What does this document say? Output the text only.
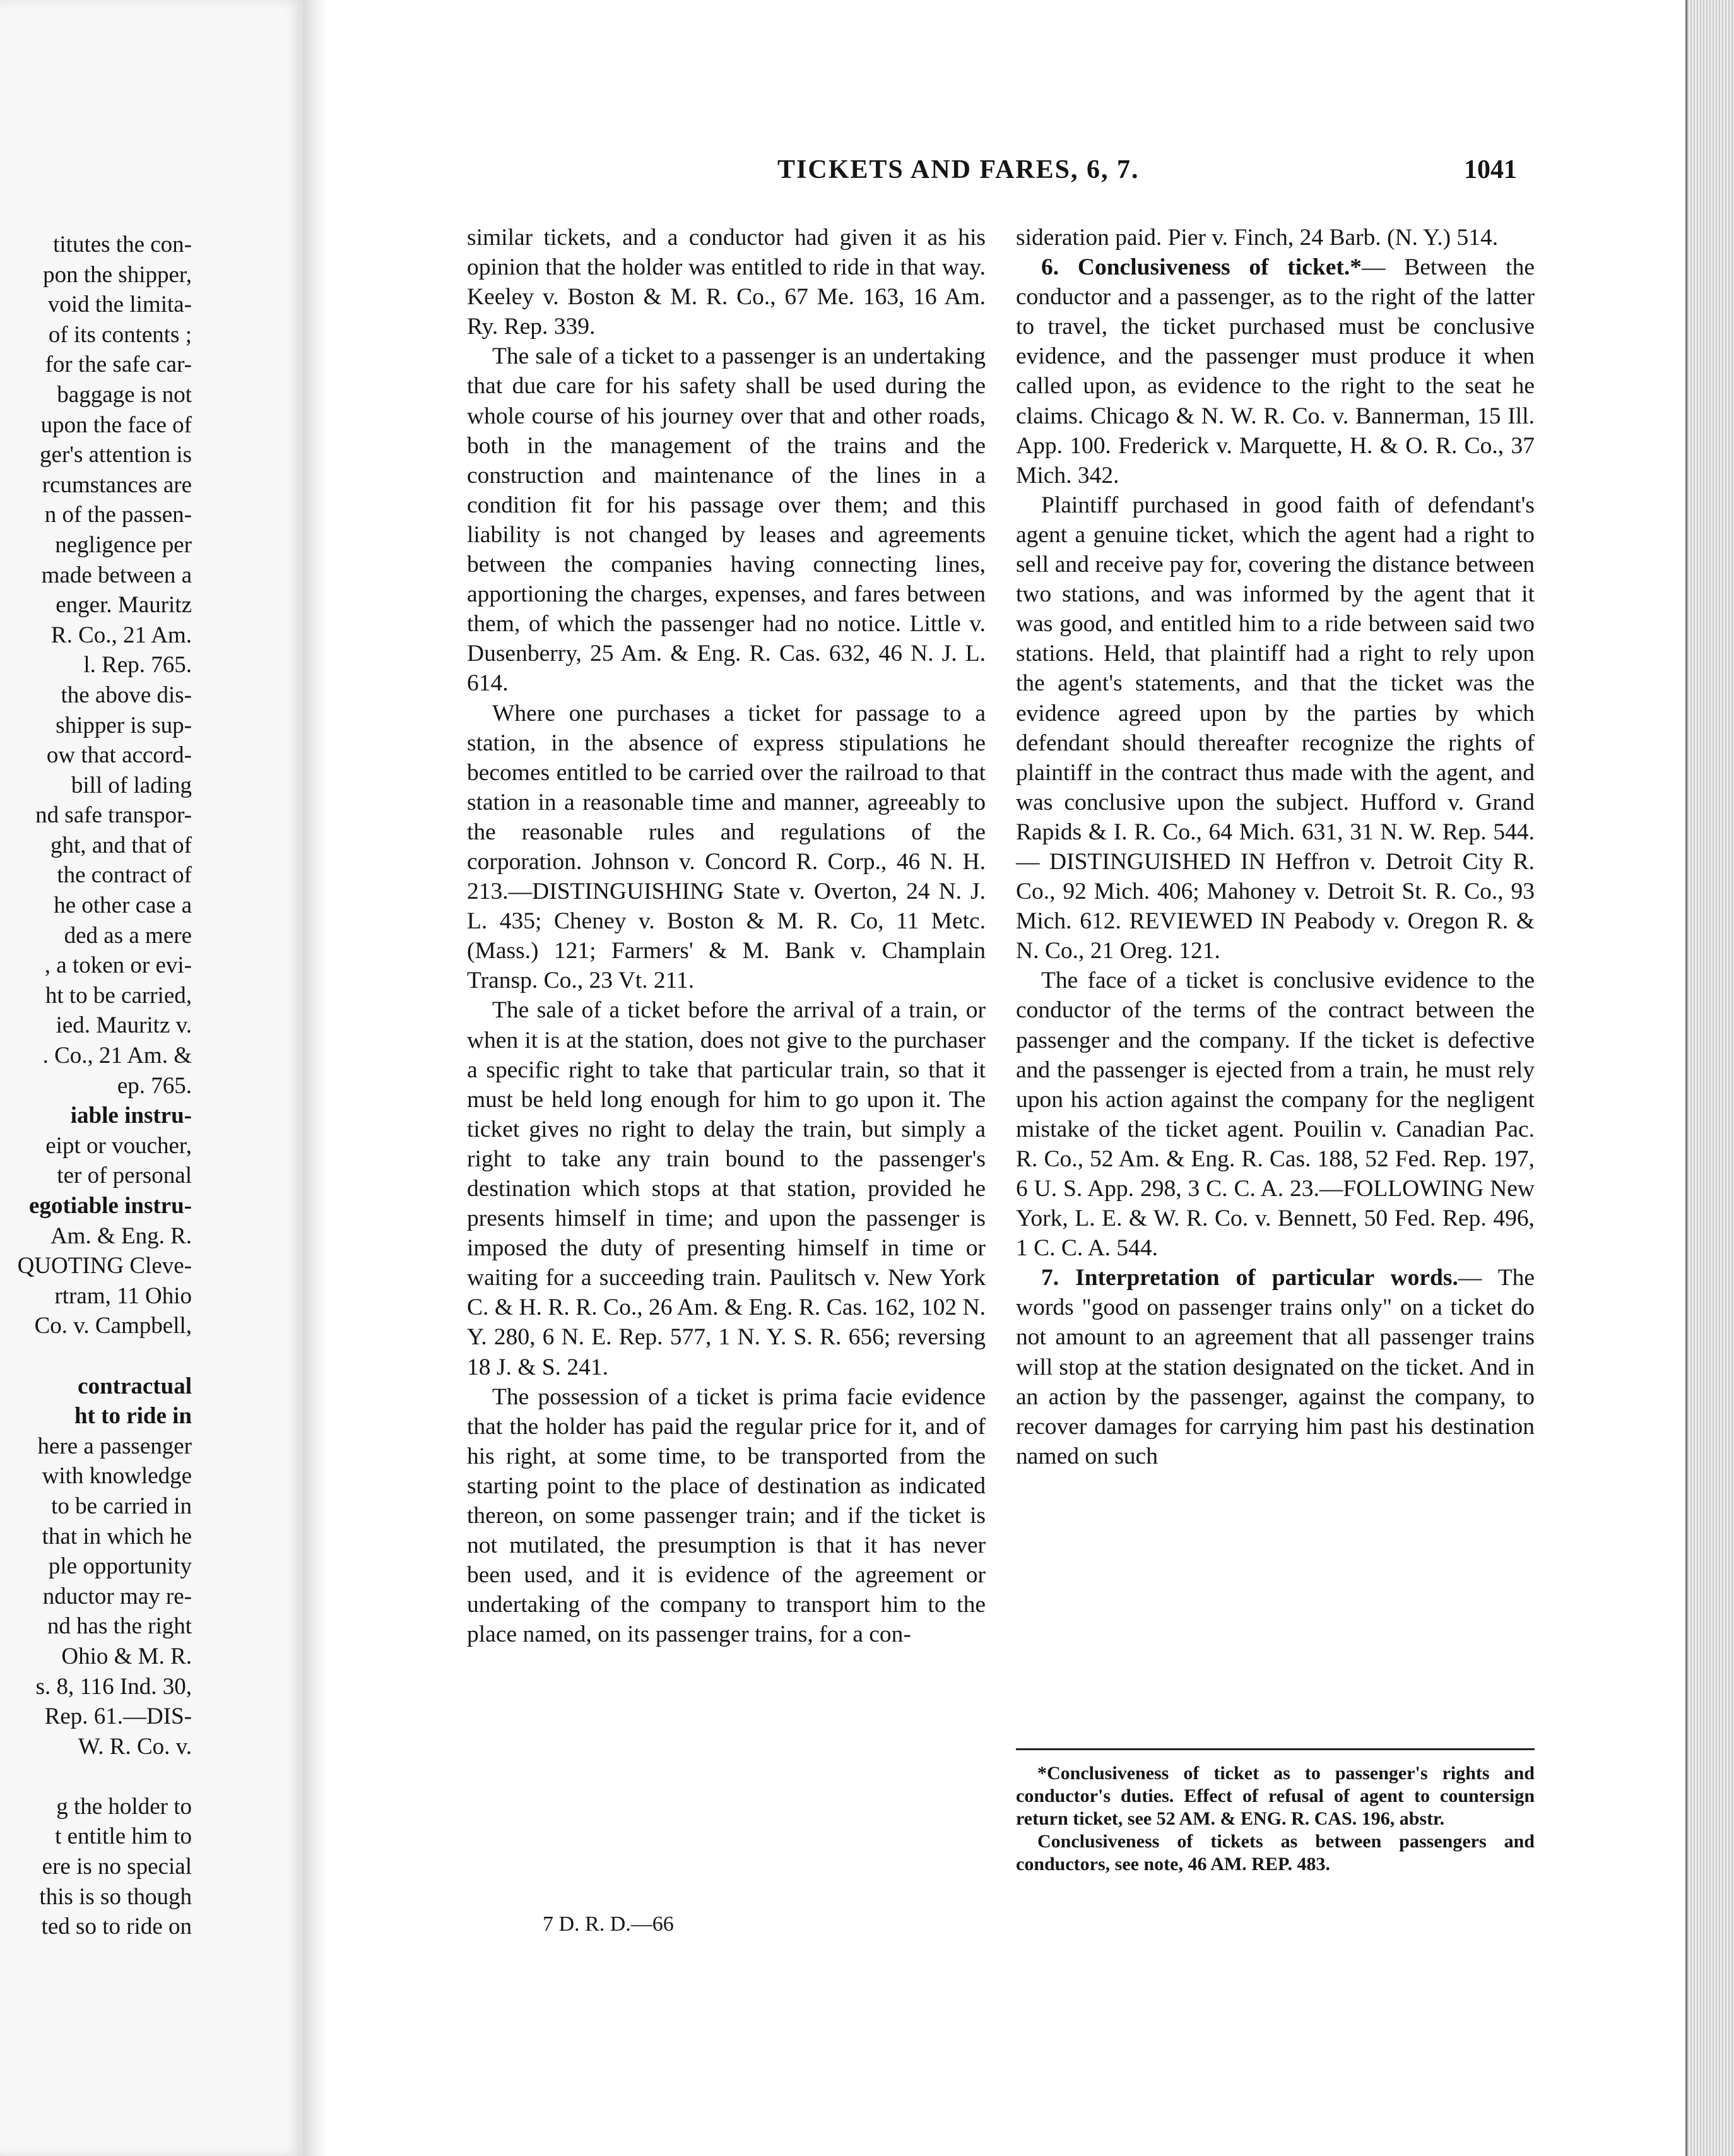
titutes the con-
pon the shipper,
void the limita-
of its contents ;
for the safe car-
baggage is not
upon the face of
ger's attention is
rcumstances are
n of the passen-
negligence per
made between a
enger. Mauritz
R. Co., 21 Am.
l. Rep. 765.
the above dis-
shipper is sup-
ow that accord-
bill of lading
nd safe transpor-
ght, and that of
the contract of
he other case a
ded as a mere
, a token or evi-
ht to be carried,
ied. Mauritz v.
. Co., 21 Am. &
ep. 765.
iable instru-
eipt or voucher,
ter of personal
egotiable instru-
Am. & Eng. R.
QUOTING Cleve-
rtram, 11 Ohio
Co. v. Campbell,
contractual
ht to ride in
here a passenger
with knowledge
to be carried in
that in which he
ple opportunity
nductor may re-
nd has the right
Ohio & M. R.
s. 8, 116 Ind. 30,
Rep. 61.—DIS-
W. R. Co. v.
g the holder to
t entitle him to
ere is no special
this is so though
ted so to ride on
TICKETS AND FARES, 6, 7.	1041

similar tickets, and a conductor had given it as his opinion that the holder was entitled to ride in that way. Keeley v. Boston & M. R. Co., 67 Me. 163, 16 Am. Ry. Rep. 339.

The sale of a ticket to a passenger is an undertaking that due care for his safety shall be used during the whole course of his journey over that and other roads, both in the management of the trains and the construction and maintenance of the lines in a condition fit for his passage over them; and this liability is not changed by leases and agreements between the companies having connecting lines, apportioning the charges, expenses, and fares between them, of which the passenger had no notice. Little v. Dusenberry, 25 Am. & Eng. R. Cas. 632, 46 N. J. L. 614.

Where one purchases a ticket for passage to a station, in the absence of express stipulations he becomes entitled to be carried over the railroad to that station in a reasonable time and manner, agreeably to the reasonable rules and regulations of the corporation. Johnson v. Concord R. Corp., 46 N. H. 213.—DISTINGUISHING State v. Overton, 24 N. J. L. 435; Cheney v. Boston & M. R. Co, 11 Metc. (Mass.) 121; Farmers' & M. Bank v. Champlain Transp. Co., 23 Vt. 211.

The sale of a ticket before the arrival of a train, or when it is at the station, does not give to the purchaser a specific right to take that particular train, so that it must be held long enough for him to go upon it. The ticket gives no right to delay the train, but simply a right to take any train bound to the passenger's destination which stops at that station, provided he presents himself in time; and upon the passenger is imposed the duty of presenting himself in time or waiting for a succeeding train. Paulitsch v. New York C. & H. R. R. Co., 26 Am. & Eng. R. Cas. 162, 102 N. Y. 280, 6 N. E. Rep. 577, 1 N. Y. S. R. 656; reversing 18 J. & S. 241.

The possession of a ticket is prima facie evidence that the holder has paid the regular price for it, and of his right, at some time, to be transported from the starting point to the place of destination as indicated thereon, on some passenger train; and if the ticket is not mutilated, the presumption is that it has never been used, and it is evidence of the agreement or undertaking of the company to transport him to the place named, on its passenger trains, for a con-

7 D. R. D.—66

sideration paid. Pier v. Finch, 24 Barb. (N. Y.) 514.

6. Conclusiveness of ticket.*— Between the conductor and a passenger, as to the right of the latter to travel, the ticket purchased must be conclusive evidence, and the passenger must produce it when called upon, as evidence to the right to the seat he claims. Chicago & N. W. R. Co. v. Bannerman, 15 Ill. App. 100. Frederick v. Marquette, H. & O. R. Co., 37 Mich. 342.

Plaintiff purchased in good faith of defendant's agent a genuine ticket, which the agent had a right to sell and receive pay for, covering the distance between two stations, and was informed by the agent that it was good, and entitled him to a ride between said two stations. Held, that plaintiff had a right to rely upon the agent's statements, and that the ticket was the evidence agreed upon by the parties by which defendant should thereafter recognize the rights of plaintiff in the contract thus made with the agent, and was conclusive upon the subject. Hufford v. Grand Rapids & I. R. Co., 64 Mich. 631, 31 N. W. Rep. 544. — DISTINGUISHED IN Heffron v. Detroit City R. Co., 92 Mich. 406; Mahoney v. Detroit St. R. Co., 93 Mich. 612. REVIEWED IN Peabody v. Oregon R. & N. Co., 21 Oreg. 121.

The face of a ticket is conclusive evidence to the conductor of the terms of the contract between the passenger and the company. If the ticket is defective and the passenger is ejected from a train, he must rely upon his action against the company for the negligent mistake of the ticket agent. Pouilin v. Canadian Pac. R. Co., 52 Am. & Eng. R. Cas. 188, 52 Fed. Rep. 197, 6 U. S. App. 298, 3 C. C. A. 23.—FOLLOWING New York, L. E. & W. R. Co. v. Bennett, 50 Fed. Rep. 496, 1 C. C. A. 544.

7. Interpretation of particular words.— The words "good on passenger trains only" on a ticket do not amount to an agreement that all passenger trains will stop at the station designated on the ticket. And in an action by the passenger, against the company, to recover damages for carrying him past his destination named on such

*Conclusiveness of ticket as to passenger's rights and conductor's duties. Effect of refusal of agent to countersign return ticket, see 52 AM. & ENG. R. CAS. 196, abstr.

Conclusiveness of tickets as between passengers and conductors, see note, 46 AM. REP. 483.
